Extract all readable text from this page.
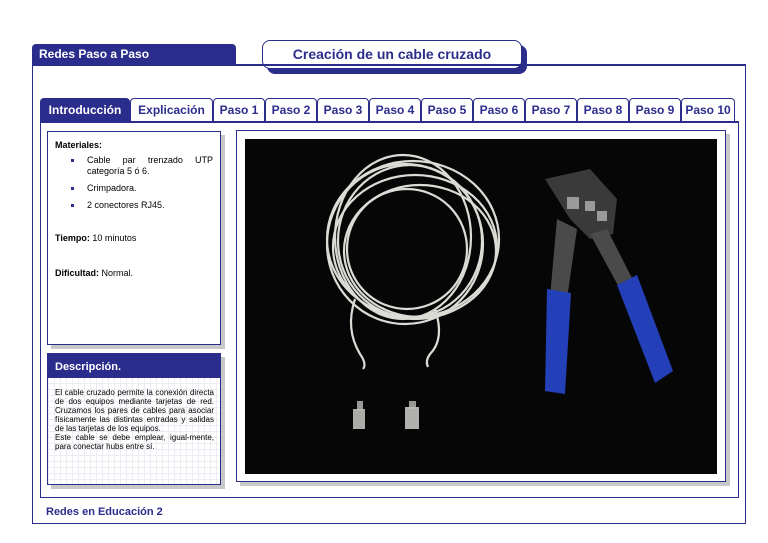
Redes Paso a Paso	Creación de un cable cruzado
Introducción	Explicación	Paso 1	Paso 2	Paso 3	Paso 4	Paso 5	Paso 6	Paso 7	Paso 8	Paso 9 Paso 10
Materiales:
Cable par trenzado UTP categoría 5 ó 6.
Crimpadora.
2 conectores RJ45.
Tiempo: 10 minutos
Dificultad: Normal.
Descripción.
El cable cruzado permite la conexión directa de dos equipos mediante tarjetas de red. Cruzamos los pares de cables para asociar físicamente las distintas entradas y salidas de las tarjetas de los equipos.
Este cable se debe emplear, igual-mente, para conectar hubs entre sí.
Redes en Educación 2
